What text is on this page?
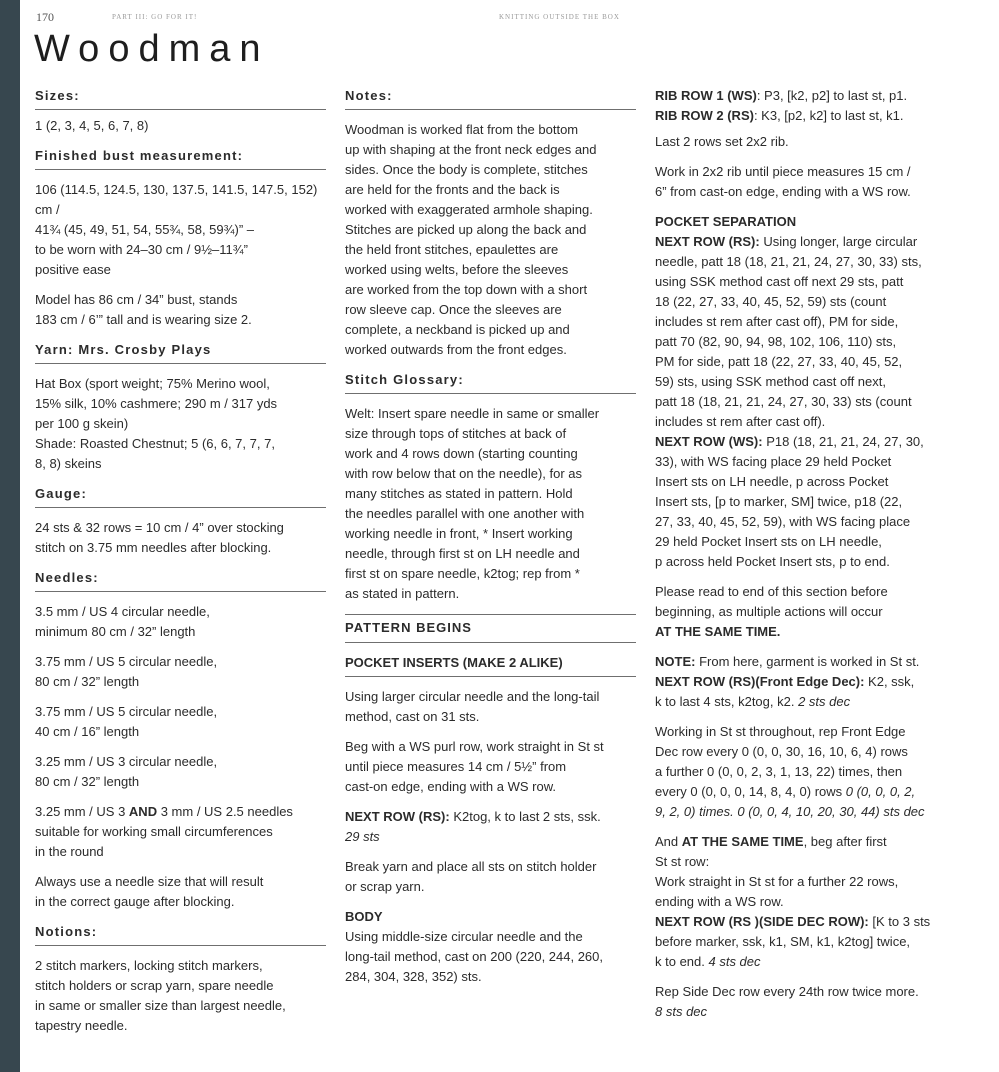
170	PART III: GO FOR IT!	KNITTING OUTSIDE THE BOX
Woodman
Sizes:

1 (2, 3, 4, 5, 6, 7, 8)

Finished bust measurement:

106 (114.5, 124.5, 130, 137.5, 141.5, 147.5, 152) cm /
41¾ (45, 49, 51, 54, 55¾, 58, 59¾)” –
to be worn with 24–30 cm / 9½–11¾”
positive ease

Model has 86 cm / 34” bust, stands
183 cm / 6’” tall and is wearing size 2.

Yarn: Mrs. Crosby Plays

Hat Box (sport weight; 75% Merino wool,
15% silk, 10% cashmere; 290 m / 317 yds
per 100 g skein)
Shade: Roasted Chestnut; 5 (6, 6, 7, 7, 7,
8, 8) skeins

Gauge:

24 sts & 32 rows = 10 cm / 4” over stocking
stitch on 3.75 mm needles after blocking.

Needles:

3.5 mm / US 4 circular needle,
minimum 80 cm / 32” length

3.75 mm / US 5 circular needle,
80 cm / 32” length

3.75 mm / US 5 circular needle,
40 cm / 16” length

3.25 mm / US 3 circular needle,
80 cm / 32” length

3.25 mm / US 3 AND 3 mm / US 2.5 needles
suitable for working small circumferences
in the round

Always use a needle size that will result
in the correct gauge after blocking.

Notions:

2 stitch markers, locking stitch markers,
stitch holders or scrap yarn, spare needle
in same or smaller size than largest needle,
tapestry needle.

Notes:

Woodman is worked flat from the bottom
up with shaping at the front neck edges and
sides. Once the body is complete, stitches
are held for the fronts and the back is
worked with exaggerated armhole shaping.
Stitches are picked up along the back and
the held front stitches, epaulettes are
worked using welts, before the sleeves
are worked from the top down with a short
row sleeve cap. Once the sleeves are
complete, a neckband is picked up and
worked outwards from the front edges.

Stitch Glossary:

Welt: Insert spare needle in same or smaller
size through tops of stitches at back of
work and 4 rows down (starting counting
with row below that on the needle), for as
many stitches as stated in pattern. Hold
the needles parallel with one another with
working needle in front, * Insert working
needle, through first st on LH needle and
first st on spare needle, k2tog; rep from *
as stated in pattern.

PATTERN BEGINS
POCKET INSERTS (MAKE 2 ALIKE)

Using larger circular needle and the long-tail
method, cast on 31 sts.

Beg with a WS purl row, work straight in St st
until piece measures 14 cm / 5½” from
cast-on edge, ending with a WS row.

NEXT ROW (RS): K2tog, k to last 2 sts, ssk.
29 sts

Break yarn and place all sts on stitch holder
or scrap yarn.

BODY
Using middle-size circular needle and the
long-tail method, cast on 200 (220, 244, 260,
284, 304, 328, 352) sts.
RIB ROW 1 (WS): P3, [k2, p2] to last st, p1.
RIB ROW 2 (RS): K3, [p2, k2] to last st, k1.

Last 2 rows set 2x2 rib.

Work in 2x2 rib until piece measures 15 cm /
6” from cast-on edge, ending with a WS row.

POCKET SEPARATION
NEXT ROW (RS): Using longer, large circular
needle, patt 18 (18, 21, 21, 24, 27, 30, 33) sts,
using SSK method cast off next 29 sts, patt
18 (22, 27, 33, 40, 45, 52, 59) sts (count
includes st rem after cast off), PM for side,
patt 70 (82, 90, 94, 98, 102, 106, 110) sts,
PM for side, patt 18 (22, 27, 33, 40, 45, 52,
59) sts, using SSK method cast off next,
patt 18 (18, 21, 21, 24, 27, 30, 33) sts (count
includes st rem after cast off).
NEXT ROW (WS): P18 (18, 21, 21, 24, 27, 30,
33), with WS facing place 29 held Pocket
Insert sts on LH needle, p across Pocket
Insert sts, [p to marker, SM] twice, p18 (22,
27, 33, 40, 45, 52, 59), with WS facing place
29 held Pocket Insert sts on LH needle,
p across held Pocket Insert sts, p to end.

Please read to end of this section before
beginning, as multiple actions will occur
AT THE SAME TIME.

NOTE: From here, garment is worked in St st.
NEXT ROW (RS)(Front Edge Dec): K2, ssk,
k to last 4 sts, k2tog, k2. 2 sts dec

Working in St st throughout, rep Front Edge
Dec row every 0 (0, 0, 30, 16, 10, 6, 4) rows
a further 0 (0, 0, 2, 3, 1, 13, 22) times, then
every 0 (0, 0, 0, 14, 8, 4, 0) rows 0 (0, 0, 0, 2,
9, 2, 0) times. 0 (0, 0, 4, 10, 20, 30, 44) sts dec

And AT THE SAME TIME, beg after first
St st row:
Work straight in St st for a further 22 rows,
ending with a WS row.
NEXT ROW (RS )(SIDE DEC ROW): [K to 3 sts
before marker, ssk, k1, SM, k1, k2tog] twice,
k to end. 4 sts dec

Rep Side Dec row every 24th row twice more.
8 sts dec
